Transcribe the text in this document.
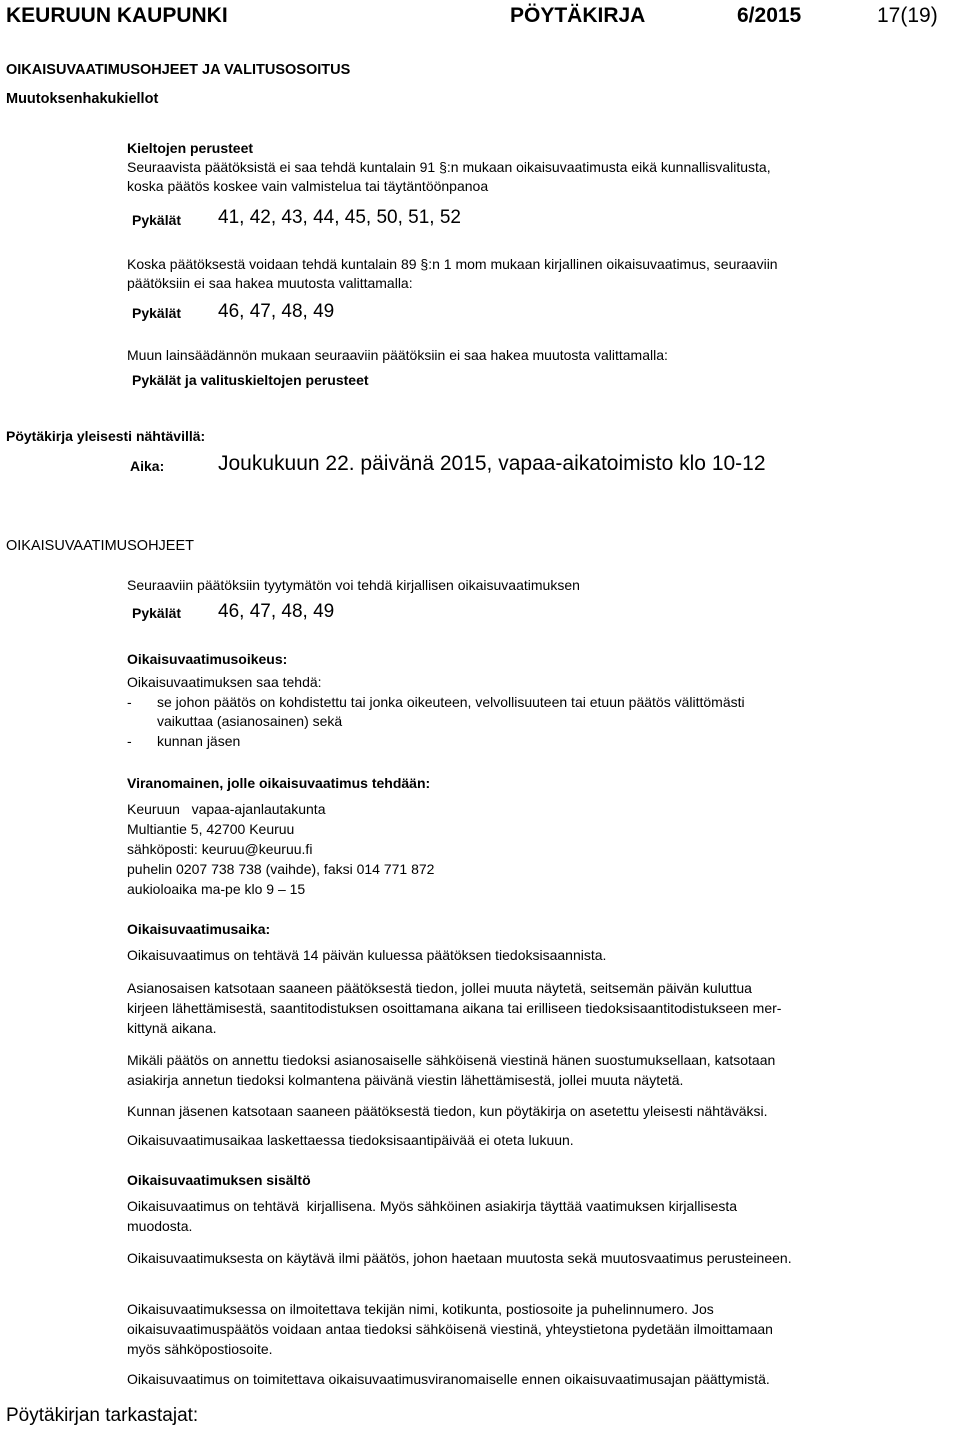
KEURUUN KAUPUNKI	PÖYTÄKIRJA	6/2015	17(19)
OIKAISUVAATIMUSOHJEET JA VALITUSOSOITUS
Muutoksenhakukiellot
Kieltojen perusteet
Seuraavista päätöksistä ei saa tehdä kuntalain 91 §:n mukaan oikaisuvaatimusta eikä kunnallisvalitusta,
koska päätös koskee vain valmistelua tai täytäntöönpanoa
Pykälät 41, 42, 43, 44, 45, 50, 51, 52
Koska päätöksestä voidaan tehdä kuntalain 89 §:n 1 mom mukaan kirjallinen oikaisuvaatimus, seuraaviin
päätöksiin ei saa hakea muutosta valittamalla:
Pykälät 46, 47, 48, 49
Muun lainsäädännön mukaan seuraaviin päätöksiin ei saa hakea muutosta valittamalla:
Pykälät ja valituskieltojen perusteet
Pöytäkirja yleisesti nähtävillä:
Aika:	Joukukuun 22. päivänä 2015, vapaa-aikatoimisto klo 10-12
OIKAISUVAATIMUSOHJEET
Seuraaviin päätöksiin tyytymätön voi tehdä kirjallisen oikaisuvaatimuksen
Pykälät 46, 47, 48, 49
Oikaisuvaatimusoikeus:
Oikaisuvaatimuksen saa tehdä:
-	se johon päätös on kohdistettu tai jonka oikeuteen, velvollisuuteen tai etuun päätös välittömästi
vaikuttaa (asianosainen) sekä
-	kunnan jäsen
Viranomainen, jolle oikaisuvaatimus tehdään:
Keuruun   vapaa-ajanlautakunta
Multiantie 5, 42700 Keuruu
sähköposti: keuruu@keuruu.fi
puhelin 0207 738 738 (vaihde), faksi 014 771 872
aukioloaika ma-pe klo 9 – 15
Oikaisuvaatimusaika:
Oikaisuvaatimus on tehtävä 14 päivän kuluessa päätöksen tiedoksisaannista.
Asianosaisen katsotaan saaneen päätöksestä tiedon, jollei muuta näytetä, seitsemän päivän kuluttua
kirjeen lähettämisestä, saantitodistuksen osoittamana aikana tai erilliseen tiedoksisaantitodistukseen mer-
kittynä aikana.
Mikäli päätös on annettu tiedoksi asianosaiselle sähköisenä viestinä hänen suostumuksellaan, katsotaan
asiakirja annetun tiedoksi kolmantena päivänä viestin lähettämisestä, jollei muuta näytetä.
Kunnan jäsenen katsotaan saaneen päätöksestä tiedon, kun pöytäkirja on asetettu yleisesti nähtäväksi.
Oikaisuvaatimusaikaa laskettaessa tiedoksisaantipäivää ei oteta lukuun.
Oikaisuvaatimuksen sisältö
Oikaisuvaatimus on tehtävä  kirjallisena. Myös sähköinen asiakirja täyttää vaatimuksen kirjallisesta
muodosta.
Oikaisuvaatimuksesta on käytävä ilmi päätös, johon haetaan muutosta sekä muutosvaatimus perusteineen.
Oikaisuvaatimuksessa on ilmoitettava tekijän nimi, kotikunta, postiosoite ja puhelinnumero. Jos
oikaisuvaatimuspäätös voidaan antaa tiedoksi sähköisenä viestinä, yhteystietona pydetään ilmoittamaan
myös sähköpostiosoite.
Oikaisuvaatimus on toimitettava oikaisuvaatimusviranomaiselle ennen oikaisuvaatimusajan päättymistä.
Pöytäkirjan tarkastajat:
